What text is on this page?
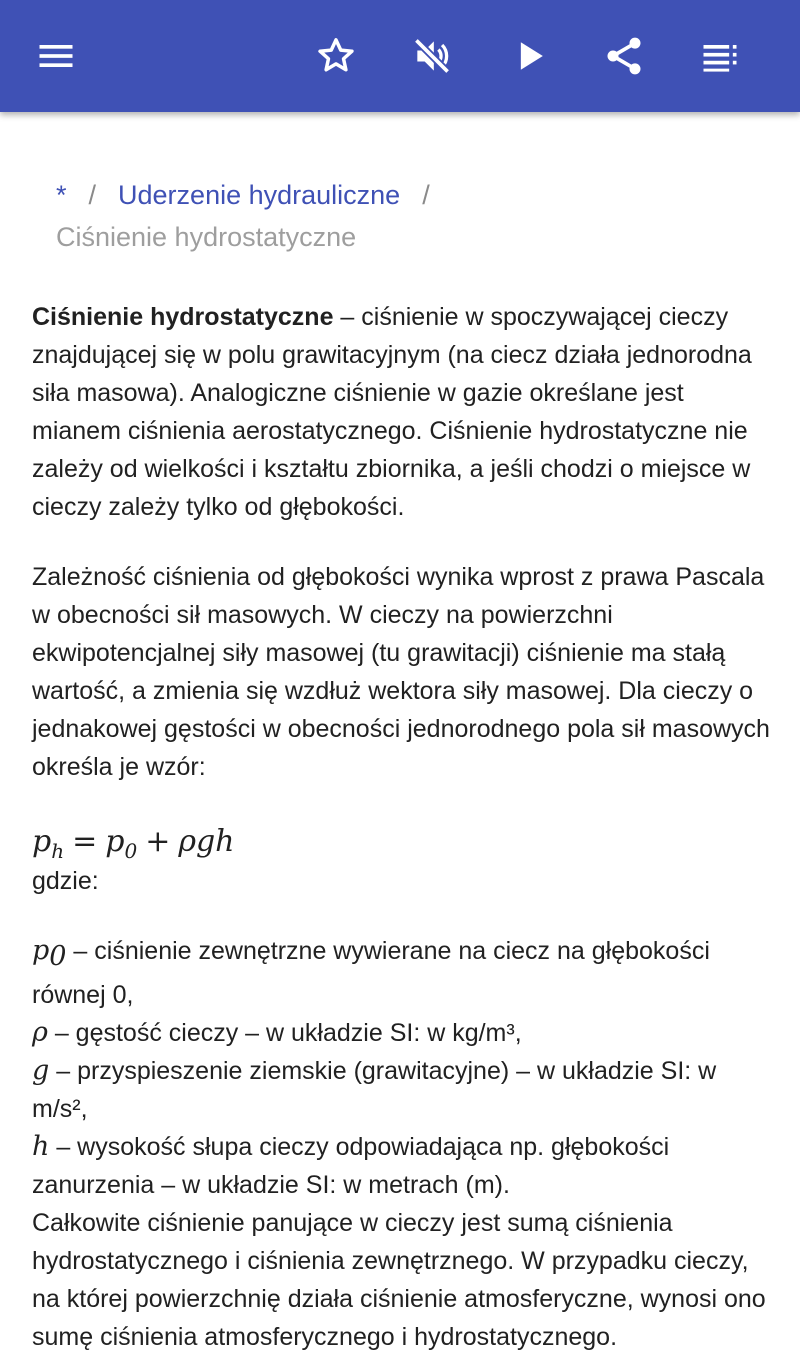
* / Uderzenie hydrauliczne /
Ciśnienie hydrostatyczne

Ciśnienie hydrostatyczne – ciśnienie w spoczywającej cieczy znajdującej się w polu grawitacyjnym (na ciecz działa jednorodna siła masowa). Analogiczne ciśnienie w gazie określane jest mianem ciśnienia aerostatycznego. Ciśnienie hydrostatyczne nie zależy od wielkości i kształtu zbiornika, a jeśli chodzi o miejsce w cieczy zależy tylko od głębokości.

Zależność ciśnienia od głębokości wynika wprost z prawa Pascala w obecności sił masowych. W cieczy na powierzchni ekwipotencjalnej siły masowej (tu grawitacji) ciśnienie ma stałą wartość, a zmienia się wzdłuż wektora siły masowej. Dla cieczy o jednakowej gęstości w obecności jednorodnego pola sił masowych określa je wzór:

$p_h = p_0 + \rho gh$

gdzie:

$p_0$ – ciśnienie zewnętrzne wywierane na ciecz na głębokości równej 0,

ρ – gęstość cieczy – w układzie SI: w kg/m³,

g – przyspieszenie ziemskie (grawitacyjne) – w układzie SI: w m/s²,

h – wysokość słupa cieczy odpowiadająca np. głębokości zanurzenia – w układzie SI: w metrach (m).

Całkowite ciśnienie panujące w cieczy jest sumą ciśnienia hydrostatycznego i ciśnienia zewnętrznego. W przypadku cieczy, na której powierzchnię działa ciśnienie atmosferyczne, wynosi ono sumę ciśnienia atmosferycznego i hydrostatycznego.
